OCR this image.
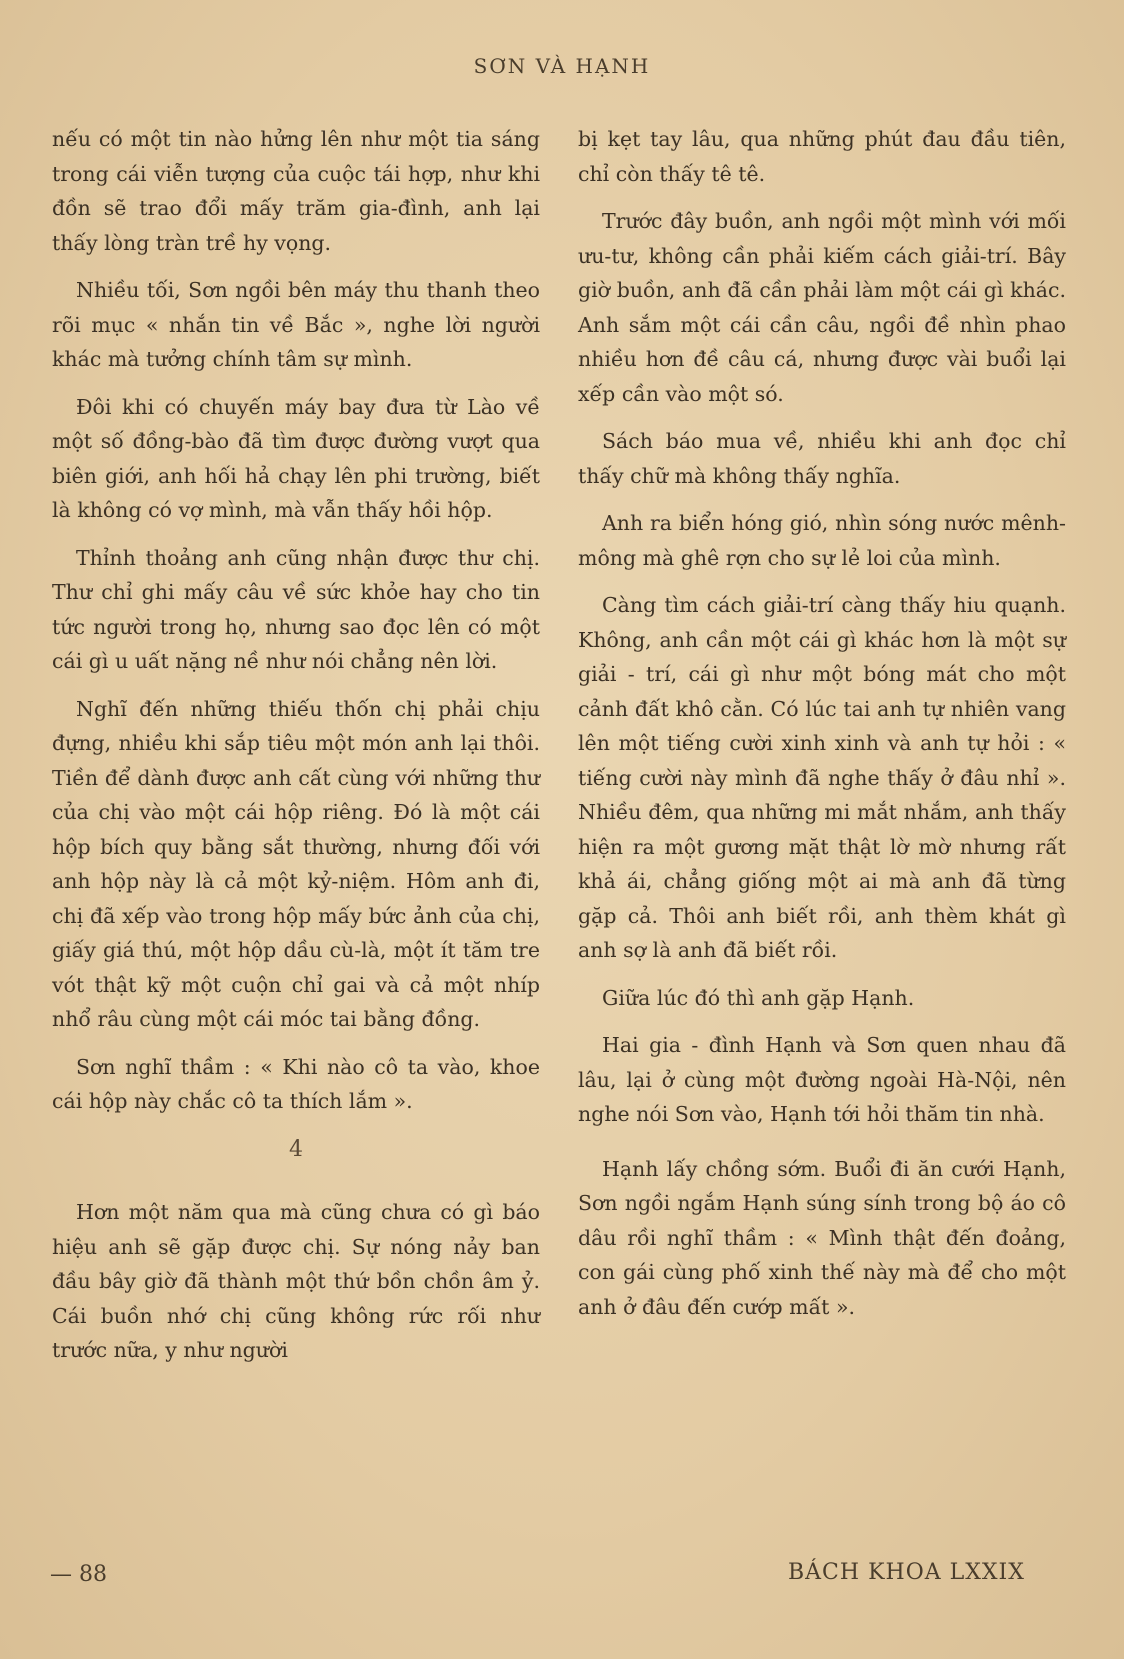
SƠN VÀ HẠNH

nếu có một tin nào hửng lên như một tia sáng trong cái viễn tượng của cuộc tái hợp, như khi đồn sẽ trao đổi mấy trăm gia-đình, anh lại thấy lòng tràn trề hy vọng.

Nhiều tối, Sơn ngồi bên máy thu thanh theo rõi mục « nhắn tin về Bắc », nghe lời người khác mà tưởng chính tâm sự mình.

Đôi khi có chuyến máy bay đưa từ Lào về một số đồng-bào đã tìm được đường vượt qua biên giới, anh hối hả chạy lên phi trường, biết là không có vợ mình, mà vẫn thấy hồi hộp.

Thỉnh thoảng anh cũng nhận được thư chị. Thư chỉ ghi mấy câu về sức khỏe hay cho tin tức người trong họ, nhưng sao đọc lên có một cái gì u uất nặng nề như nói chẳng nên lời.

Nghĩ đến những thiếu thốn chị phải chịu đựng, nhiều khi sắp tiêu một món anh lại thôi. Tiền để dành được anh cất cùng với những thư của chị vào một cái hộp riêng. Đó là một cái hộp bích quy bằng sắt thường, nhưng đối với anh hộp này là cả một kỷ-niệm. Hôm anh đi, chị đã xếp vào trong hộp mấy bức ảnh của chị, giấy giá thú, một hộp dầu cù-là, một ít tăm tre vót thật kỹ một cuộn chỉ gai và cả một nhíp nhổ râu cùng một cái móc tai bằng đồng.

Sơn nghĩ thầm : « Khi nào cô ta vào, khoe cái hộp này chắc cô ta thích lắm ».

4

Hơn một năm qua mà cũng chưa có gì báo hiệu anh sẽ gặp được chị. Sự nóng nảy ban đầu bây giờ đã thành một thứ bồn chồn âm ỷ. Cái buồn nhớ chị cũng không rức rối như trước nữa, y như người

bị kẹt tay lâu, qua những phút đau đầu tiên, chỉ còn thấy tê tê.

Trước đây buồn, anh ngồi một mình với mối ưu-tư, không cần phải kiếm cách giải-trí. Bây giờ buồn, anh đã cần phải làm một cái gì khác. Anh sắm một cái cần câu, ngồi đề nhìn phao nhiều hơn đề câu cá, nhưng được vài buổi lại xếp cần vào một só.

Sách báo mua về, nhiều khi anh đọc chỉ thấy chữ mà không thấy nghĩa.

Anh ra biển hóng gió, nhìn sóng nước mênh-mông mà ghê rợn cho sự lẻ loi của mình.

Càng tìm cách giải-trí càng thấy hiu quạnh. Không, anh cần một cái gì khác hơn là một sự giải - trí, cái gì như một bóng mát cho một cảnh đất khô cằn. Có lúc tai anh tự nhiên vang lên một tiếng cười xinh xinh và anh tự hỏi : « tiếng cười này mình đã nghe thấy ở đâu nhỉ ». Nhiều đêm, qua những mi mắt nhắm, anh thấy hiện ra một gương mặt thật lờ mờ nhưng rất khả ái, chẳng giống một ai mà anh đã từng gặp cả. Thôi anh biết rồi, anh thèm khát gì anh sợ là anh đã biết rồi.

Giữa lúc đó thì anh gặp Hạnh.

Hai gia - đình Hạnh và Sơn quen nhau đã lâu, lại ở cùng một đường ngoài Hà-Nội, nên nghe nói Sơn vào, Hạnh tới hỏi thăm tin nhà.

Hạnh lấy chồng sớm. Buổi đi ăn cưới Hạnh, Sơn ngồi ngắm Hạnh súng sính trong bộ áo cô dâu rồi nghĩ thầm : « Mình thật đến đoảng, con gái cùng phố xinh thế này mà để cho một anh ở đâu đến cướp mất ».

— 88	BÁCH KHOA LXXIX
